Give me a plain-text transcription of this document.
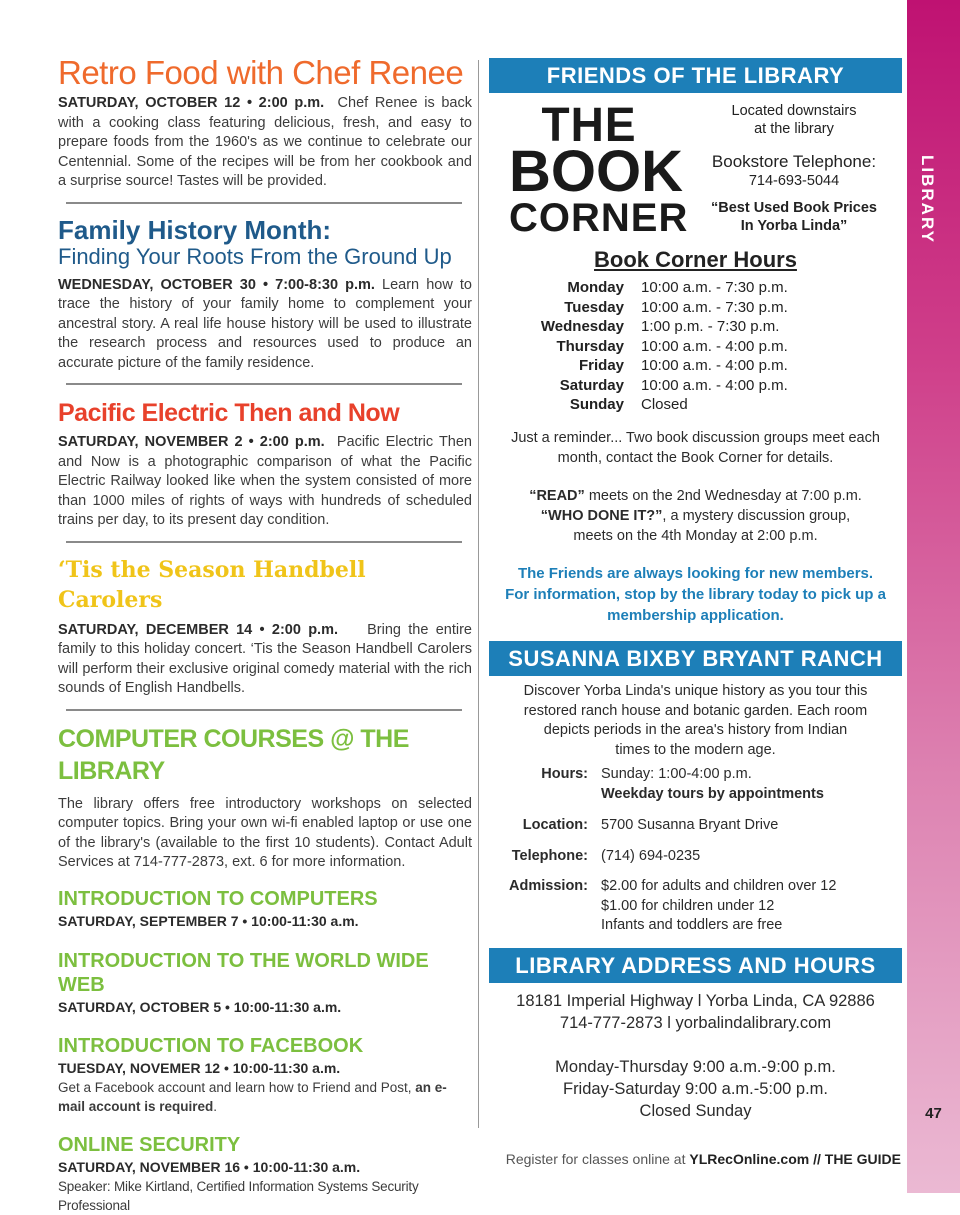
LIBRARY
47
Retro Food with Chef Renee

SATURDAY, OCTOBER 12 • 2:00 p.m. Chef Renee is back with a cooking class featuring delicious, fresh, and easy to prepare foods from the 1960's as we continue to celebrate our Centennial. Some of the recipes will be from her cookbook and a surprise source! Tastes will be provided.

Family History Month:
Finding Your Roots From the Ground Up

WEDNESDAY, OCTOBER 30 • 7:00-8:30 p.m. Learn how to trace the history of your family home to complement your ancestral story. A real life house history will be used to illustrate the research process and resources used to produce an accurate picture of the family residence.

Pacific Electric Then and Now

SATURDAY, NOVEMBER 2 • 2:00 p.m. Pacific Electric Then and Now is a photographic comparison of what the Pacific Electric Railway looked like when the system consisted of more than 1000 miles of rights of ways with hundreds of scheduled trains per day, to its present day condition.

‘Tis the Season Handbell Carolers

SATURDAY, DECEMBER 14 • 2:00 p.m. Bring the entire family to this holiday concert. ‘Tis the Season Handbell Carolers will perform their exclusive original comedy material with the rich sounds of English Handbells.

COMPUTER COURSES @ THE LIBRARY

The library offers free introductory workshops on selected computer topics. Bring your own wi-fi enabled laptop or use one of the library's (available to the first 10 students). Contact Adult Services at 714-777-2873, ext. 6 for more information.

INTRODUCTION TO COMPUTERS
SATURDAY, SEPTEMBER 7 • 10:00-11:30 a.m.
INTRODUCTION TO THE WORLD WIDE WEB
SATURDAY, OCTOBER 5 • 10:00-11:30 a.m.
INTRODUCTION TO FACEBOOK
TUESDAY, NOVEMER 12 • 10:00-11:30 a.m.
Get a Facebook account and learn how to Friend and Post, an e-mail account is required.
ONLINE SECURITY
SATURDAY, NOVEMBER 16 • 10:00-11:30 a.m.
Speaker: Mike Kirtland, Certified Information Systems Security Professional
FRIENDS OF THE LIBRARY
THE
BOOK
CORNER
Located downstairs
at the library
Bookstore Telephone:
714-693-5044
“Best Used Book Prices
In Yorba Linda”
Book Corner Hours
Monday	10:00 a.m. - 7:30 p.m.
Tuesday	10:00 a.m. - 7:30 p.m.
Wednesday	1:00 p.m. - 7:30 p.m.
Thursday	10:00 a.m. - 4:00 p.m.
Friday	10:00 a.m. - 4:00 p.m.
Saturday	10:00 a.m. - 4:00 p.m.
Sunday	Closed
Just a reminder... Two book discussion groups meet each
month, contact the Book Corner for details.
“READ” meets on the 2nd Wednesday at 7:00 p.m.
“WHO DONE IT?”, a mystery discussion group,
meets on the 4th Monday at 2:00 p.m.
The Friends are always looking for new members.
For information, stop by the library today to pick up a
membership application.
SUSANNA BIXBY BRYANT RANCH
Discover Yorba Linda's unique history as you tour this
restored ranch house and botanic garden. Each room
depicts periods in the area's history from Indian
times to the modern age.
Hours: Sunday: 1:00-4:00 p.m.
Weekday tours by appointments
Location: 5700 Susanna Bryant Drive
Telephone: (714) 694-0235
Admission: $2.00 for adults and children over 12
$1.00 for children under 12
Infants and toddlers are free
LIBRARY ADDRESS AND HOURS
18181 Imperial Highway l Yorba Linda, CA 92886
714-777-2873 l yorbalindalibrary.com
Monday-Thursday 9:00 a.m.-9:00 p.m.
Friday-Saturday 9:00 a.m.-5:00 p.m.
Closed Sunday
Register for classes online at YLRecOnline.com // THE GUIDE
